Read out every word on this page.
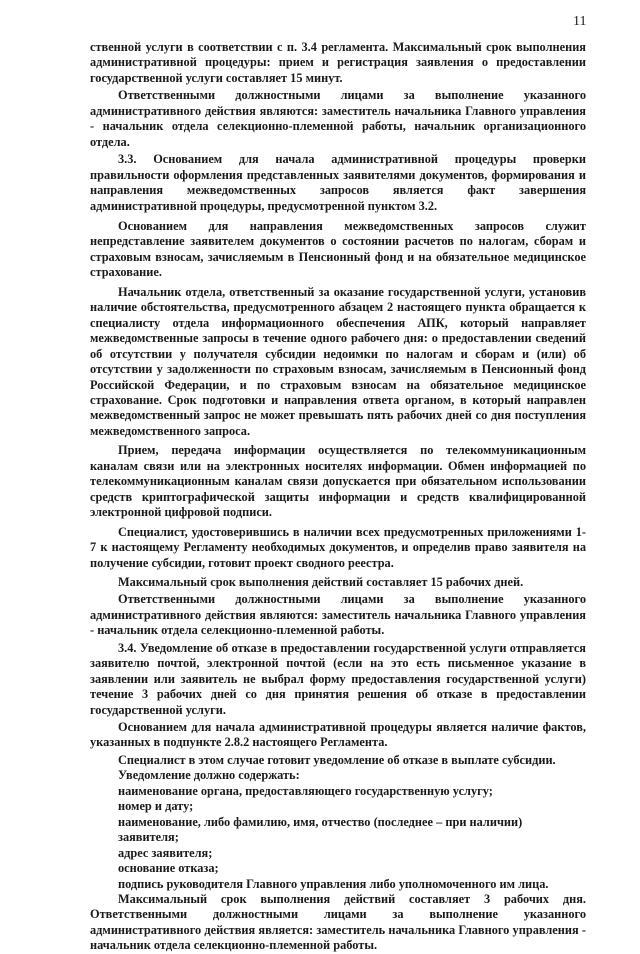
11

ственной услуги в соответствии с п. 3.4 регламента. Максимальный срок выполнения административной процедуры: прием и регистрация заявления о предоставлении государственной услуги составляет 15 минут.

Ответственными должностными лицами за выполнение указанного административного действия являются: заместитель начальника Главного управления - начальник отдела селекционно-племенной работы, начальник организационного отдела.

3.3. Основанием для начала административной процедуры проверки правильности оформления представленных заявителями документов, формирования и направления межведомственных запросов является факт завершения административной процедуры, предусмотренной пунктом 3.2.

Основанием для направления межведомственных запросов служит непредставление заявителем документов о состоянии расчетов по налогам, сборам и страховым взносам, зачисляемым в Пенсионный фонд и на обязательное медицинское страхование.

Начальник отдела, ответственный за оказание государственной услуги, установив наличие обстоятельства, предусмотренного абзацем 2 настоящего пункта обращается к специалисту отдела информационного обеспечения АПК, который направляет межведомственные запросы в течение одного рабочего дня: о предоставлении сведений об отсутствии у получателя субсидии недоимки по налогам и сборам и (или) об отсутствии у задолженности по страховым взносам, зачисляемым в Пенсионный фонд Российской Федерации, и по страховым взносам на обязательное медицинское страхование. Срок подготовки и направления ответа органом, в который направлен межведомственный запрос не может превышать пять рабочих дней со дня поступления межведомственного запроса.

Прием, передача информации осуществляется по телекоммуникационным каналам связи или на электронных носителях информации. Обмен информацией по телекоммуникационным каналам связи допускается при обязательном использовании средств криптографической защиты информации и средств квалифицированной электронной цифровой подписи.

Специалист, удостоверившись в наличии всех предусмотренных приложениями 1-7 к настоящему Регламенту необходимых документов, и определив право заявителя на получение субсидии, готовит проект сводного реестра.

Максимальный срок выполнения действий составляет 15 рабочих дней.

Ответственными должностными лицами за выполнение указанного административного действия являются: заместитель начальника Главного управления - начальник отдела селекционно-племенной работы.

3.4. Уведомление об отказе в предоставлении государственной услуги отправляется заявителю почтой, электронной почтой (если на это есть письменное указание в заявлении или заявитель не выбрал форму предоставления государственной услуги) течение 3 рабочих дней со дня принятия решения об отказе в предоставлении государственной услуги.

Основанием для начала административной процедуры является наличие фактов, указанных в подпункте 2.8.2 настоящего Регламента.

Специалист в этом случае готовит уведомление об отказе в выплате субсидии.

Уведомление должно содержать:

наименование органа, предоставляющего государственную услугу;

номер и дату;

наименование, либо фамилию, имя, отчество (последнее – при наличии) заявителя;

адрес заявителя;

основание отказа;

подпись руководителя Главного управления либо уполномоченного им лица.

Максимальный срок выполнения действий составляет 3 рабочих дня. Ответственными должностными лицами за выполнение указанного административного действия является: заместитель начальника Главного управления - начальник отдела селекционно-племенной работы.
